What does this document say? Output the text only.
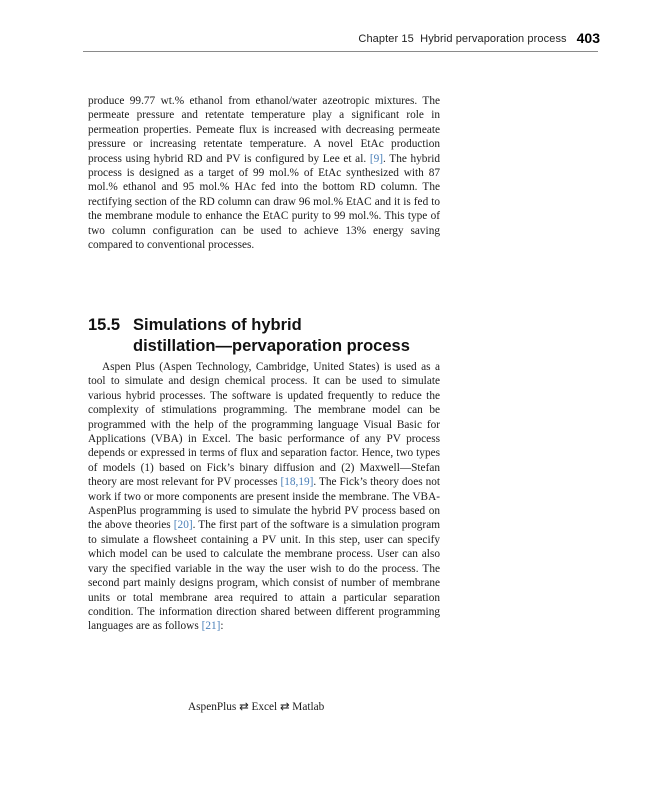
Chapter 15 Hybrid pervaporation process 403

produce 99.77 wt.% ethanol from ethanol/water azeotropic mixtures. The permeate pressure and retentate temperature play a significant role in permeation properties. Pemeate flux is increased with decreasing permeate pressure or increasing retentate temperature. A novel EtAc production process using hybrid RD and PV is configured by Lee et al. [9]. The hybrid process is designed as a target of 99 mol.% of EtAc synthesized with 87 mol.% ethanol and 95 mol.% HAc fed into the bottom RD column. The rectifying section of the RD column can draw 96 mol.% EtAC and it is fed to the membrane module to enhance the EtAC purity to 99 mol.%. This type of two column configuration can be used to achieve 13% energy saving compared to conventional processes.

15.5 Simulations of hybrid
distillation—pervaporation process

Aspen Plus (Aspen Technology, Cambridge, United States) is used as a tool to simulate and design chemical process. It can be used to simulate various hybrid processes. The software is updated frequently to reduce the complexity of stimulations programming. The membrane model can be programmed with the help of the programming language Visual Basic for Applications (VBA) in Excel. The basic performance of any PV process depends or expressed in terms of flux and separation factor. Hence, two types of models (1) based on Fick’s binary diffusion and (2) Maxwell—Stefan theory are most relevant for PV processes [18,19]. The Fick’s theory does not work if two or more components are present inside the membrane. The VBA-AspenPlus programming is used to simulate the hybrid PV process based on the above theories [20]. The first part of the software is a simulation program to simulate a flowsheet containing a PV unit. In this step, user can specify which model can be used to calculate the membrane process. User can also vary the specified variable in the way the user wish to do the process. The second part mainly designs program, which consist of number of membrane units or total membrane area required to attain a particular separation condition. The information direction shared between different programming languages are as follows [21]:

AspenPlus ⇄ Excel ⇄ Matlab
